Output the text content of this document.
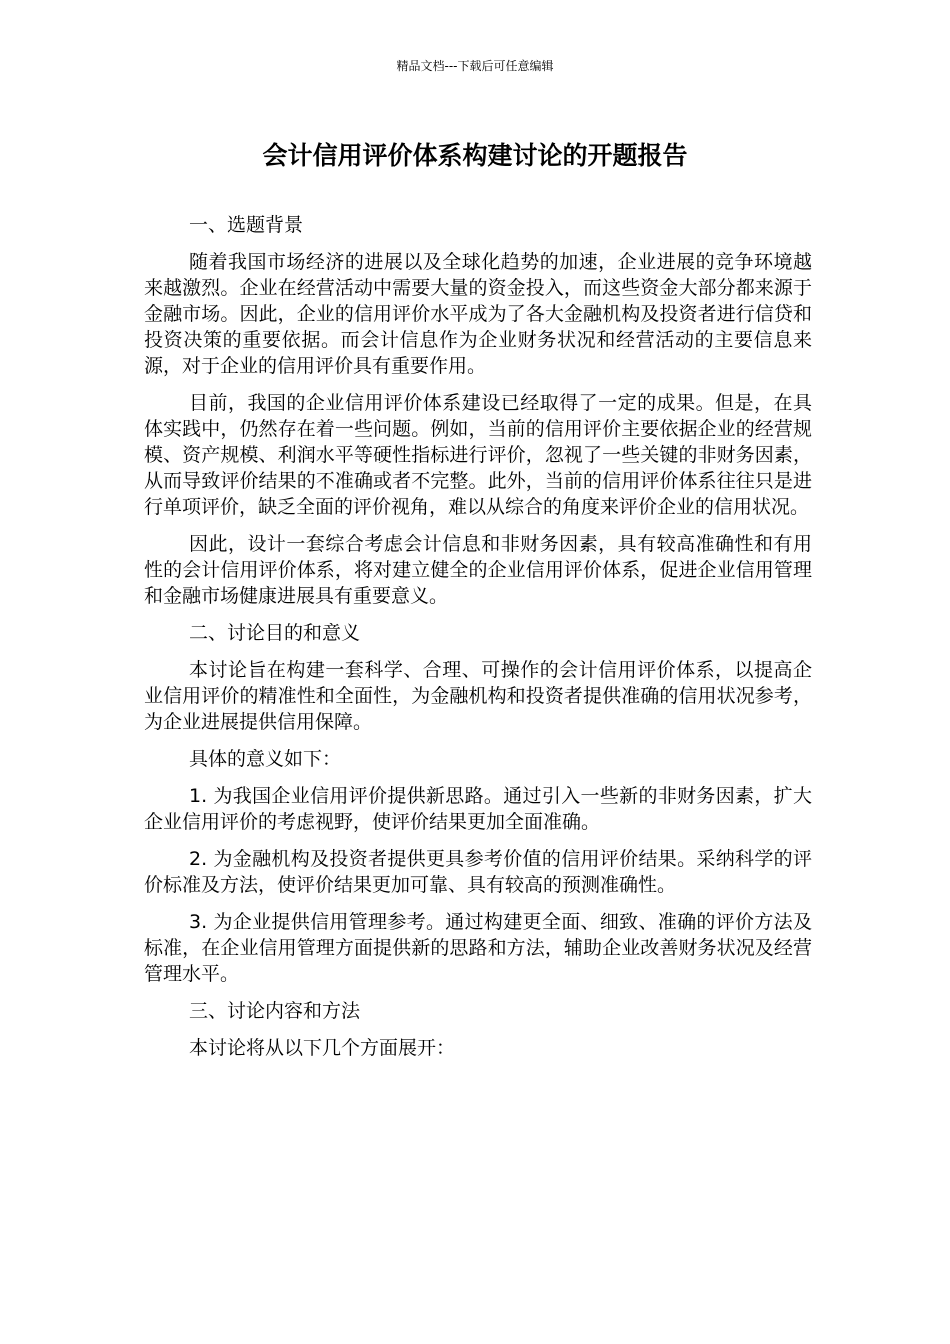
精品文档---下载后可任意编辑
会计信用评价体系构建讨论的开题报告

一、选题背景

随着我国市场经济的进展以及全球化趋势的加速，企业进展的竞争环境越来越激烈。企业在经营活动中需要大量的资金投入，而这些资金大部分都来源于金融市场。因此，企业的信用评价水平成为了各大金融机构及投资者进行信贷和投资决策的重要依据。而会计信息作为企业财务状况和经营活动的主要信息来源，对于企业的信用评价具有重要作用。

目前，我国的企业信用评价体系建设已经取得了一定的成果。但是，在具体实践中，仍然存在着一些问题。例如，当前的信用评价主要依据企业的经营规模、资产规模、利润水平等硬性指标进行评价，忽视了一些关键的非财务因素，从而导致评价结果的不准确或者不完整。此外，当前的信用评价体系往往只是进行单项评价，缺乏全面的评价视角，难以从综合的角度来评价企业的信用状况。

因此，设计一套综合考虑会计信息和非财务因素，具有较高准确性和有用性的会计信用评价体系，将对建立健全的企业信用评价体系，促进企业信用管理和金融市场健康进展具有重要意义。

二、讨论目的和意义

本讨论旨在构建一套科学、合理、可操作的会计信用评价体系，以提高企业信用评价的精准性和全面性，为金融机构和投资者提供准确的信用状况参考，为企业进展提供信用保障。

具体的意义如下：

1. 为我国企业信用评价提供新思路。通过引入一些新的非财务因素，扩大企业信用评价的考虑视野，使评价结果更加全面准确。

2. 为金融机构及投资者提供更具参考价值的信用评价结果。采纳科学的评价标准及方法，使评价结果更加可靠、具有较高的预测准确性。

3. 为企业提供信用管理参考。通过构建更全面、细致、准确的评价方法及标准，在企业信用管理方面提供新的思路和方法，辅助企业改善财务状况及经营管理水平。

三、讨论内容和方法

本讨论将从以下几个方面展开：
